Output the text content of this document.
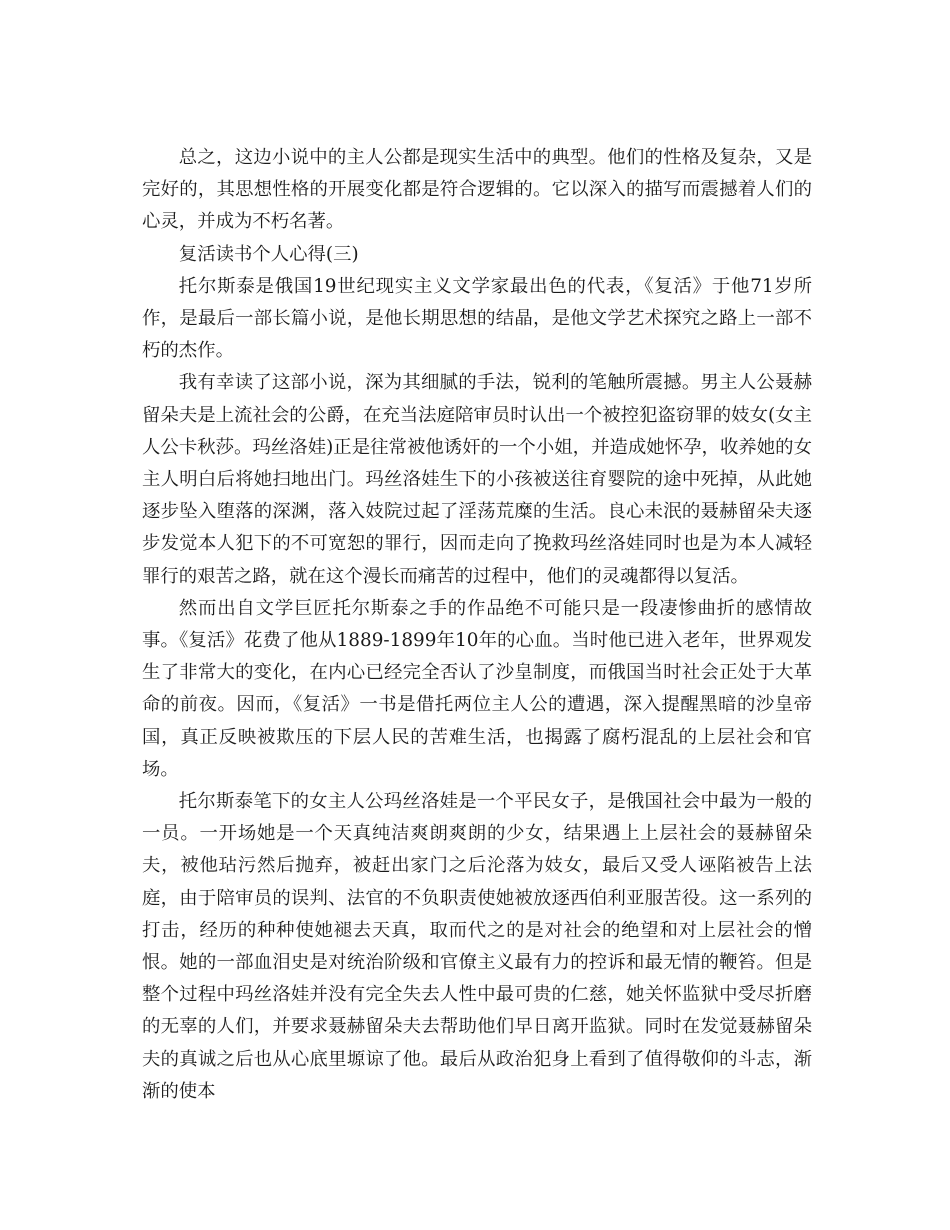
总之，这边小说中的主人公都是现实生活中的典型。他们的性格及复杂，又是完好的，其思想性格的开展变化都是符合逻辑的。它以深入的描写而震撼着人们的心灵，并成为不朽名著。

复活读书个人心得(三)

托尔斯泰是俄国19世纪现实主义文学家最出色的代表，《复活》于他71岁所作，是最后一部长篇小说，是他长期思想的结晶，是他文学艺术探究之路上一部不朽的杰作。

我有幸读了这部小说，深为其细腻的手法，锐利的笔触所震撼。男主人公聂赫留朵夫是上流社会的公爵，在充当法庭陪审员时认出一个被控犯盗窃罪的妓女(女主人公卡秋莎。玛丝洛娃)正是往常被他诱奸的一个小姐，并造成她怀孕，收养她的女主人明白后将她扫地出门。玛丝洛娃生下的小孩被送往育婴院的途中死掉，从此她逐步坠入堕落的深渊，落入妓院过起了淫荡荒糜的生活。良心未泯的聂赫留朵夫逐步发觉本人犯下的不可宽恕的罪行，因而走向了挽救玛丝洛娃同时也是为本人减轻罪行的艰苦之路，就在这个漫长而痛苦的过程中，他们的灵魂都得以复活。

然而出自文学巨匠托尔斯泰之手的作品绝不可能只是一段凄惨曲折的感情故事。《复活》花费了他从1889-1899年10年的心血。当时他已进入老年，世界观发生了非常大的变化，在内心已经完全否认了沙皇制度，而俄国当时社会正处于大革命的前夜。因而，《复活》一书是借托两位主人公的遭遇，深入提醒黑暗的沙皇帝国，真正反映被欺压的下层人民的苦难生活，也揭露了腐朽混乱的上层社会和官场。

托尔斯泰笔下的女主人公玛丝洛娃是一个平民女子，是俄国社会中最为一般的一员。一开场她是一个天真纯洁爽朗爽朗的少女，结果遇上上层社会的聂赫留朵夫，被他玷污然后抛弃，被赶出家门之后沦落为妓女，最后又受人诬陷被告上法庭，由于陪审员的误判、法官的不负职责使她被放逐西伯利亚服苦役。这一系列的打击，经历的种种使她褪去天真，取而代之的是对社会的绝望和对上层社会的憎恨。她的一部血泪史是对统治阶级和官僚主义最有力的控诉和最无情的鞭笞。但是整个过程中玛丝洛娃并没有完全失去人性中最可贵的仁慈，她关怀监狱中受尽折磨的无辜的人们，并要求聂赫留朵夫去帮助他们早日离开监狱。同时在发觉聂赫留朵夫的真诚之后也从心底里塬谅了他。最后从政治犯身上看到了值得敬仰的斗志，渐渐的使本
